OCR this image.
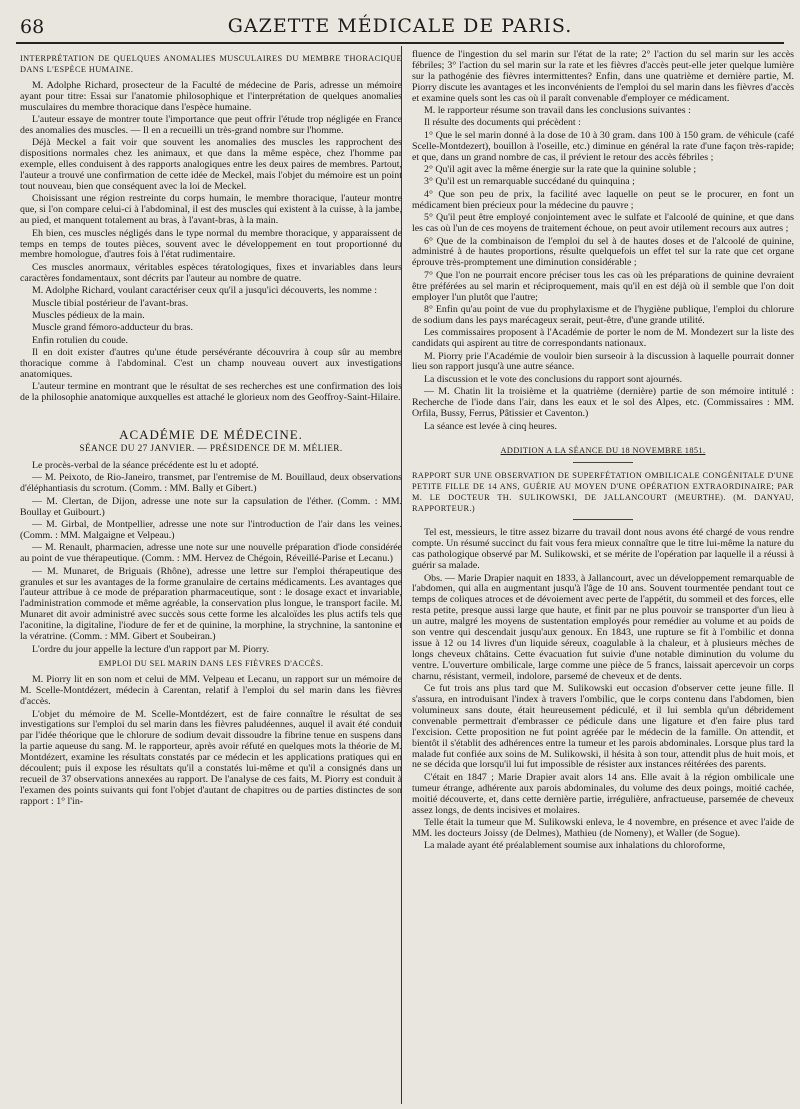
68	GAZETTE MÉDICALE DE PARIS.
INTERPRÉTATION DE QUELQUES ANOMALIES MUSCULAIRES DU MEMBRE THORACIQUE DANS L'ESPÈCE HUMAINE.

M. Adolphe Richard, prosecteur de la Faculté de médecine de Paris, adresse un mémoire ayant pour titre: Essai sur l'anatomie philosophique et l'interprétation de quelques anomalies musculaires du membre thoracique dans l'espèce humaine.

L'auteur essaye de montrer toute l'importance que peut offrir l'étude trop négligée en France des anomalies des muscles. — Il en a recueilli un très-grand nombre sur l'homme.

Déjà Meckel a fait voir que souvent les anomalies des muscles les rapprochent des dispositions normales chez les animaux, et que dans la même espèce, chez l'homme par exemple, elles conduisent à des rapports analogiques entre les deux paires de membres. Partout, l'auteur a trouvé une confirmation de cette idée de Meckel, mais l'objet du mémoire est un point tout nouveau, bien que conséquent avec la loi de Meckel.

Choisissant une région restreinte du corps humain, le membre thoracique, l'auteur montre que, si l'on compare celui-ci à l'abdominal, il est des muscles qui existent à la cuisse, à la jambe, au pied, et manquent totalement au bras, à l'avant-bras, à la main.

Eh bien, ces muscles négligés dans le type normal du membre thoracique, y apparaissent de temps en temps de toutes pièces, souvent avec le développement en tout proportionné du membre homologue, d'autres fois à l'état rudimentaire.

Ces muscles anormaux, véritables espèces tératologiques, fixes et invariables dans leurs caractères fondamentaux, sont décrits par l'auteur au nombre de quatre.

M. Adolphe Richard, voulant caractériser ceux qu'il a jusqu'ici découverts, les nomme :

Muscle tibial postérieur de l'avant-bras.

Muscles pédieux de la main.

Muscle grand fémoro-adducteur du bras.

Enfin rotulien du coude.

Il en doit exister d'autres qu'une étude persévérante découvrira à coup sûr au membre thoracique comme à l'abdominal. C'est un champ nouveau ouvert aux investigations anatomiques.

L'auteur termine en montrant que le résultat de ses recherches est une confirmation des lois de la philosophie anatomique auxquelles est attaché le glorieux nom des Geoffroy-Saint-Hilaire.

ACADÉMIE DE MÉDECINE.
SÉANCE DU 27 JANVIER. — PRÉSIDENCE DE M. MÉLIER.

Le procès-verbal de la séance précédente est lu et adopté.

— M. Peixoto, de Rio-Janeiro, transmet, par l'entremise de M. Bouillaud, deux observations d'éléphantiasis du scrotum. (Comm. : MM. Bally et Gibert.)

— M. Clertan, de Dijon, adresse une note sur la capsulation de l'éther. (Comm. : MM. Boullay et Guibourt.)

— M. Girbal, de Montpellier, adresse une note sur l'introduction de l'air dans les veines. (Comm. : MM. Malgaigne et Velpeau.)

— M. Renault, pharmacien, adresse une note sur une nouvelle préparation d'iode considérée au point de vue thérapeutique. (Comm. : MM. Hervez de Chégoin, Réveillé-Parise et Lecanu.)

— M. Munaret, de Briguais (Rhône), adresse une lettre sur l'emploi thérapeutique des granules et sur les avantages de la forme granulaire de certains médicaments. Les avantages que l'auteur attribue à ce mode de préparation pharmaceutique, sont : le dosage exact et invariable, l'administration commode et même agréable, la conservation plus longue, le transport facile. M. Munaret dit avoir administré avec succès sous cette forme les alcaloïdes les plus actifs tels que l'aconitine, la digitaline, l'iodure de fer et de quinine, la morphine, la strychnine, la santonine et la vératrine. (Comm. : MM. Gibert et Soubeiran.)

L'ordre du jour appelle la lecture d'un rapport par M. Piorry.

EMPLOI DU SEL MARIN DANS LES FIÈVRES D'ACCÈS.

M. Piorry lit en son nom et celui de MM. Velpeau et Lecanu, un rapport sur un mémoire de M. Scelle-Montdézert, médecin à Carentan, relatif à l'emploi du sel marin dans les fièvres d'accès.

L'objet du mémoire de M. Scelle-Montdézert, est de faire connaître le résultat de ses investigations sur l'emploi du sel marin dans les fièvres paludéennes, auquel il avait été conduit par l'idée théorique que le chlorure de sodium devait dissoudre la fibrine tenue en suspens dans la partie aqueuse du sang. M. le rapporteur, après avoir réfuté en quelques mots la théorie de M. Montdézert, examine les résultats constatés par ce médecin et les applications pratiques qui en découlent; puis il expose les résultats qu'il a constatés lui-même et qu'il a consignés dans un recueil de 37 observations annexées au rapport. De l'analyse de ces faits, M. Piorry est conduit à l'examen des points suivants qui font l'objet d'autant de chapitres ou de parties distinctes de son rapport : 1° l'in-

fluence de l'ingestion du sel marin sur l'état de la rate; 2° l'action du sel marin sur les accès fébriles; 3° l'action du sel marin sur la rate et les fièvres d'accès peut-elle jeter quelque lumière sur la pathogénie des fièvres intermittentes? Enfin, dans une quatrième et dernière partie, M. Piorry discute les avantages et les inconvénients de l'emploi du sel marin dans les fièvres d'accès et examine quels sont les cas où il paraît convenable d'employer ce médicament.

M. le rapporteur résume son travail dans les conclusions suivantes :

Il résulte des documents qui précèdent :

1° Que le sel marin donné à la dose de 10 à 30 gram. dans 100 à 150 gram. de véhicule (café Scelle-Montdezert), bouillon à l'oseille, etc.) diminue en général la rate d'une façon très-rapide; et que, dans un grand nombre de cas, il prévient le retour des accès fébriles ;

2° Qu'il agit avec la même énergie sur la rate que la quinine soluble ;

3° Qu'il est un remarquable succédané du quinquina ;

4° Que son peu de prix, la facilité avec laquelle on peut se le procurer, en font un médicament bien précieux pour la médecine du pauvre ;

5° Qu'il peut être employé conjointement avec le sulfate et l'alcoolé de quinine, et que dans les cas où l'un de ces moyens de traitement échoue, on peut avoir utilement recours aux autres ;

6° Que de la combinaison de l'emploi du sel à de hautes doses et de l'alcoolé de quinine, administré à de hautes proportions, résulte quelquefois un effet tel sur la rate que cet organe éprouve très-promptement une diminution considérable ;

7° Que l'on ne pourrait encore préciser tous les cas où les préparations de quinine devraient être préférées au sel marin et réciproquement, mais qu'il en est déjà où il semble que l'on doit employer l'un plutôt que l'autre;

8° Enfin qu'au point de vue du prophylaxisme et de l'hygiène publique, l'emploi du chlorure de sodium dans les pays marécageux serait, peut-être, d'une grande utilité.

Les commissaires proposent à l'Académie de porter le nom de M. Mondezert sur la liste des candidats qui aspirent au titre de correspondants nationaux.

M. Piorry prie l'Académie de vouloir bien surseoir à la discussion à laquelle pourrait donner lieu son rapport jusqu'à une autre séance.

La discussion et le vote des conclusions du rapport sont ajournés.

— M. Chatin lit la troisième et la quatrième (dernière) partie de son mémoire intitulé : Recherche de l'iode dans l'air, dans les eaux et le sol des Alpes, etc. (Commissaires : MM. Orfila, Bussy, Ferrus, Pâtissier et Caventon.)

La séance est levée à cinq heures.

ADDITION A LA SÉANCE DU 18 NOVEMBRE 1851.
RAPPORT SUR UNE OBSERVATION DE SUPERFÉTATION OMBILICALE CONGÉNITALE D'UNE PETITE FILLE DE 14 ANS, GUÉRIE AU MOYEN D'UNE OPÉRATION EXTRAORDINAIRE; PAR M. LE DOCTEUR TH. SULIKOWSKI, DE JALLANCOURT (MEURTHE). (M. DANYAU, RAPPORTEUR.)

Tel est, messieurs, le titre assez bizarre du travail dont nous avons été chargé de vous rendre compte. Un résumé succinct du fait vous fera mieux connaître que le titre lui-même la nature du cas pathologique observé par M. Sulikowski, et se mérite de l'opération par laquelle il a réussi à guérir sa malade.

Obs. — Marie Drapier naquit en 1833, à Jallancourt, avec un développement remarquable de l'abdomen, qui alla en augmentant jusqu'à l'âge de 10 ans. Souvent tourmentée pendant tout ce temps de coliques atroces et de dévoiement avec perte de l'appétit, du sommeil et des forces, elle resta petite, presque aussi large que haute, et finit par ne plus pouvoir se transporter d'un lieu à un autre, malgré les moyens de sustentation employés pour remédier au volume et au poids de son ventre qui descendait jusqu'aux genoux. En 1843, une rupture se fit à l'ombilic et donna issue à 12 ou 14 livres d'un liquide séreux, coagulable à la chaleur, et à plusieurs mèches de longs cheveux châtains. Cette évacuation fut suivie d'une notable diminution du volume du ventre. L'ouverture ombilicale, large comme une pièce de 5 francs, laissait apercevoir un corps charnu, résistant, vermeil, indolore, parsemé de cheveux et de dents.

Ce fut trois ans plus tard que M. Sulikowski eut occasion d'observer cette jeune fille. Il s'assura, en introduisant l'index à travers l'ombilic, que le corps contenu dans l'abdomen, bien volumineux sans doute, était heureusement pédiculé, et il lui sembla qu'un débridement convenable permettrait d'embrasser ce pédicule dans une ligature et d'en faire plus tard l'excision. Cette proposition ne fut point agréée par le médecin de la famille. On attendit, et bientôt il s'établit des adhérences entre la tumeur et les parois abdominales. Lorsque plus tard la malade fut confiée aux soins de M. Sulikowski, il hésita à son tour, attendit plus de huit mois, et ne se décida que lorsqu'il lui fut impossible de résister aux instances réitérées des parents.

C'était en 1847 ; Marie Drapier avait alors 14 ans. Elle avait à la région ombilicale une tumeur étrange, adhérente aux parois abdominales, du volume des deux poings, moitié cachée, moitié découverte, et, dans cette dernière partie, irrégulière, anfractueuse, parsemée de cheveux assez longs, de dents incisives et molaires.

Telle était la tumeur que M. Sulikowski enleva, le 4 novembre, en présence et avec l'aide de MM. les docteurs Joissy (de Delmes), Mathieu (de Nomeny), et Waller (de Sogue).

La malade ayant été préalablement soumise aux inhalations du chloroforme,
